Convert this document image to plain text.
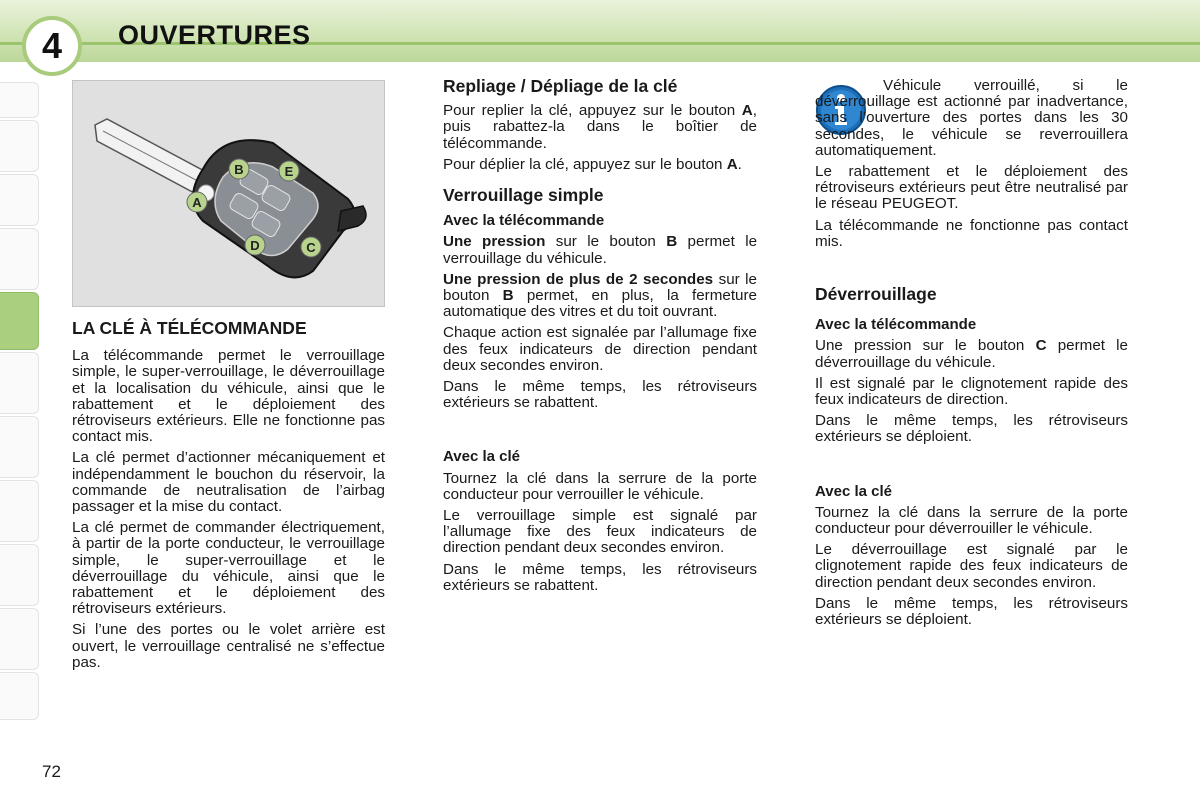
4 OUVERTURES
B	E
A
D	C
LA CLÉ À TÉLÉCOMMANDE

La télécommande permet le verrouillage simple, le super-verrouillage, le déverrouillage et la localisation du véhicule, ainsi que le rabattement et le déploiement des rétroviseurs extérieurs. Elle ne fonctionne pas contact mis.

La clé permet d’actionner mécaniquement et indépendamment le bouchon du réservoir, la commande de neutralisation de l’airbag passager et la mise du contact.

La clé permet de commander électriquement, à partir de la porte conducteur, le verrouillage simple, le super-verrouillage et le déverrouillage du véhicule, ainsi que le rabattement et le déploiement des rétroviseurs extérieurs.

Si l’une des portes ou le volet arrière est ouvert, le verrouillage centralisé ne s’effectue pas.

Repliage / Dépliage de la clé

Pour replier la clé, appuyez sur le bouton A, puis rabattez-la dans le boîtier de télécommande.

Pour déplier la clé, appuyez sur le bouton A.

Verrouillage simple
Avec la télécommande

Une pression sur le bouton B permet le verrouillage du véhicule.

Une pression de plus de 2 secondes sur le bouton B permet, en plus, la fermeture automatique des vitres et du toit ouvrant.

Chaque action est signalée par l’allumage fixe des feux indicateurs de direction pendant deux secondes environ.

Dans le même temps, les rétroviseurs extérieurs se rabattent.

Avec la clé

Tournez la clé dans la serrure de la porte conducteur pour verrouiller le véhicule.

Le verrouillage simple est signalé par l’allumage fixe des feux indicateurs de direction pendant deux secondes environ.

Dans le même temps, les rétroviseurs extérieurs se rabattent.

Véhicule verrouillé, si le déverrouillage est actionné par inadvertance, sans l’ouverture des portes dans les 30 secondes, le véhicule se reverrouillera automatiquement.

Le rabattement et le déploiement des rétroviseurs extérieurs peut être neutralisé par le réseau PEUGEOT.

La télécommande ne fonctionne pas contact mis.

Déverrouillage
Avec la télécommande

Une pression sur le bouton C permet le déverrouillage du véhicule.

Il est signalé par le clignotement rapide des feux indicateurs de direction.

Dans le même temps, les rétroviseurs extérieurs se déploient.

Avec la clé

Tournez la clé dans la serrure de la porte conducteur pour déverrouiller le véhicule.

Le déverrouillage est signalé par le clignotement rapide des feux indicateurs de direction pendant deux secondes environ.

Dans le même temps, les rétroviseurs extérieurs se déploient.

72
